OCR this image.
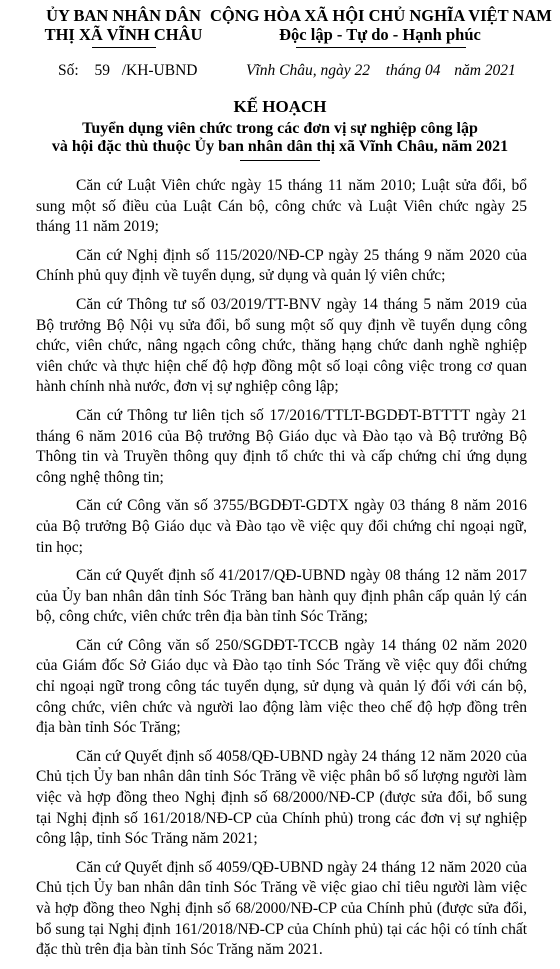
ỦY BAN NHÂN DÂN
THỊ XÃ VĨNH CHÂU
CỘNG HÒA XÃ HỘI CHỦ NGHĨA VIỆT NAM
Độc lập - Tự do - Hạnh phúc
Số: 59 /KH-UBND	Vĩnh Châu, ngày 22 tháng 04 năm 2021
KẾ HOẠCH
Tuyển dụng viên chức trong các đơn vị sự nghiệp công lập
và hội đặc thù thuộc Ủy ban nhân dân thị xã Vĩnh Châu, năm 2021

Căn cứ Luật Viên chức ngày 15 tháng 11 năm 2010; Luật sửa đổi, bổ sung một số điều của Luật Cán bộ, công chức và Luật Viên chức ngày 25 tháng 11 năm 2019;

Căn cứ Nghị định số 115/2020/NĐ-CP ngày 25 tháng 9 năm 2020 của Chính phủ quy định về tuyển dụng, sử dụng và quản lý viên chức;

Căn cứ Thông tư số 03/2019/TT-BNV ngày 14 tháng 5 năm 2019 của Bộ trưởng Bộ Nội vụ sửa đổi, bổ sung một số quy định về tuyển dụng công chức, viên chức, nâng ngạch công chức, thăng hạng chức danh nghề nghiệp viên chức và thực hiện chế độ hợp đồng một số loại công việc trong cơ quan hành chính nhà nước, đơn vị sự nghiệp công lập;

Căn cứ Thông tư liên tịch số 17/2016/TTLT-BGDĐT-BTTTT ngày 21 tháng 6 năm 2016 của Bộ trưởng Bộ Giáo dục và Đào tạo và Bộ trưởng Bộ Thông tin và Truyền thông quy định tổ chức thi và cấp chứng chỉ ứng dụng công nghệ thông tin;

Căn cứ Công văn số 3755/BGDĐT-GDTX ngày 03 tháng 8 năm 2016 của Bộ trưởng Bộ Giáo dục và Đào tạo về việc quy đổi chứng chỉ ngoại ngữ, tin học;

Căn cứ Quyết định số 41/2017/QĐ-UBND ngày 08 tháng 12 năm 2017 của Ủy ban nhân dân tỉnh Sóc Trăng ban hành quy định phân cấp quản lý cán bộ, công chức, viên chức trên địa bàn tỉnh Sóc Trăng;

Căn cứ Công văn số 250/SGDĐT-TCCB ngày 14 tháng 02 năm 2020 của Giám đốc Sở Giáo dục và Đào tạo tỉnh Sóc Trăng về việc quy đổi chứng chỉ ngoại ngữ trong công tác tuyển dụng, sử dụng và quản lý đối với cán bộ, công chức, viên chức và người lao động làm việc theo chế độ hợp đồng trên địa bàn tỉnh Sóc Trăng;

Căn cứ Quyết định số 4058/QĐ-UBND ngày 24 tháng 12 năm 2020 của Chủ tịch Ủy ban nhân dân tỉnh Sóc Trăng về việc phân bổ số lượng người làm việc và hợp đồng theo Nghị định số 68/2000/NĐ-CP (được sửa đổi, bổ sung tại Nghị định số 161/2018/NĐ-CP của Chính phủ) trong các đơn vị sự nghiệp công lập, tỉnh Sóc Trăng năm 2021;

Căn cứ Quyết định số 4059/QĐ-UBND ngày 24 tháng 12 năm 2020 của Chủ tịch Ủy ban nhân dân tỉnh Sóc Trăng về việc giao chỉ tiêu người làm việc và hợp đồng theo Nghị định số 68/2000/NĐ-CP của Chính phủ (được sửa đổi, bổ sung tại Nghị định 161/2018/NĐ-CP của Chính phủ) tại các hội có tính chất đặc thù trên địa bàn tỉnh Sóc Trăng năm 2021.
